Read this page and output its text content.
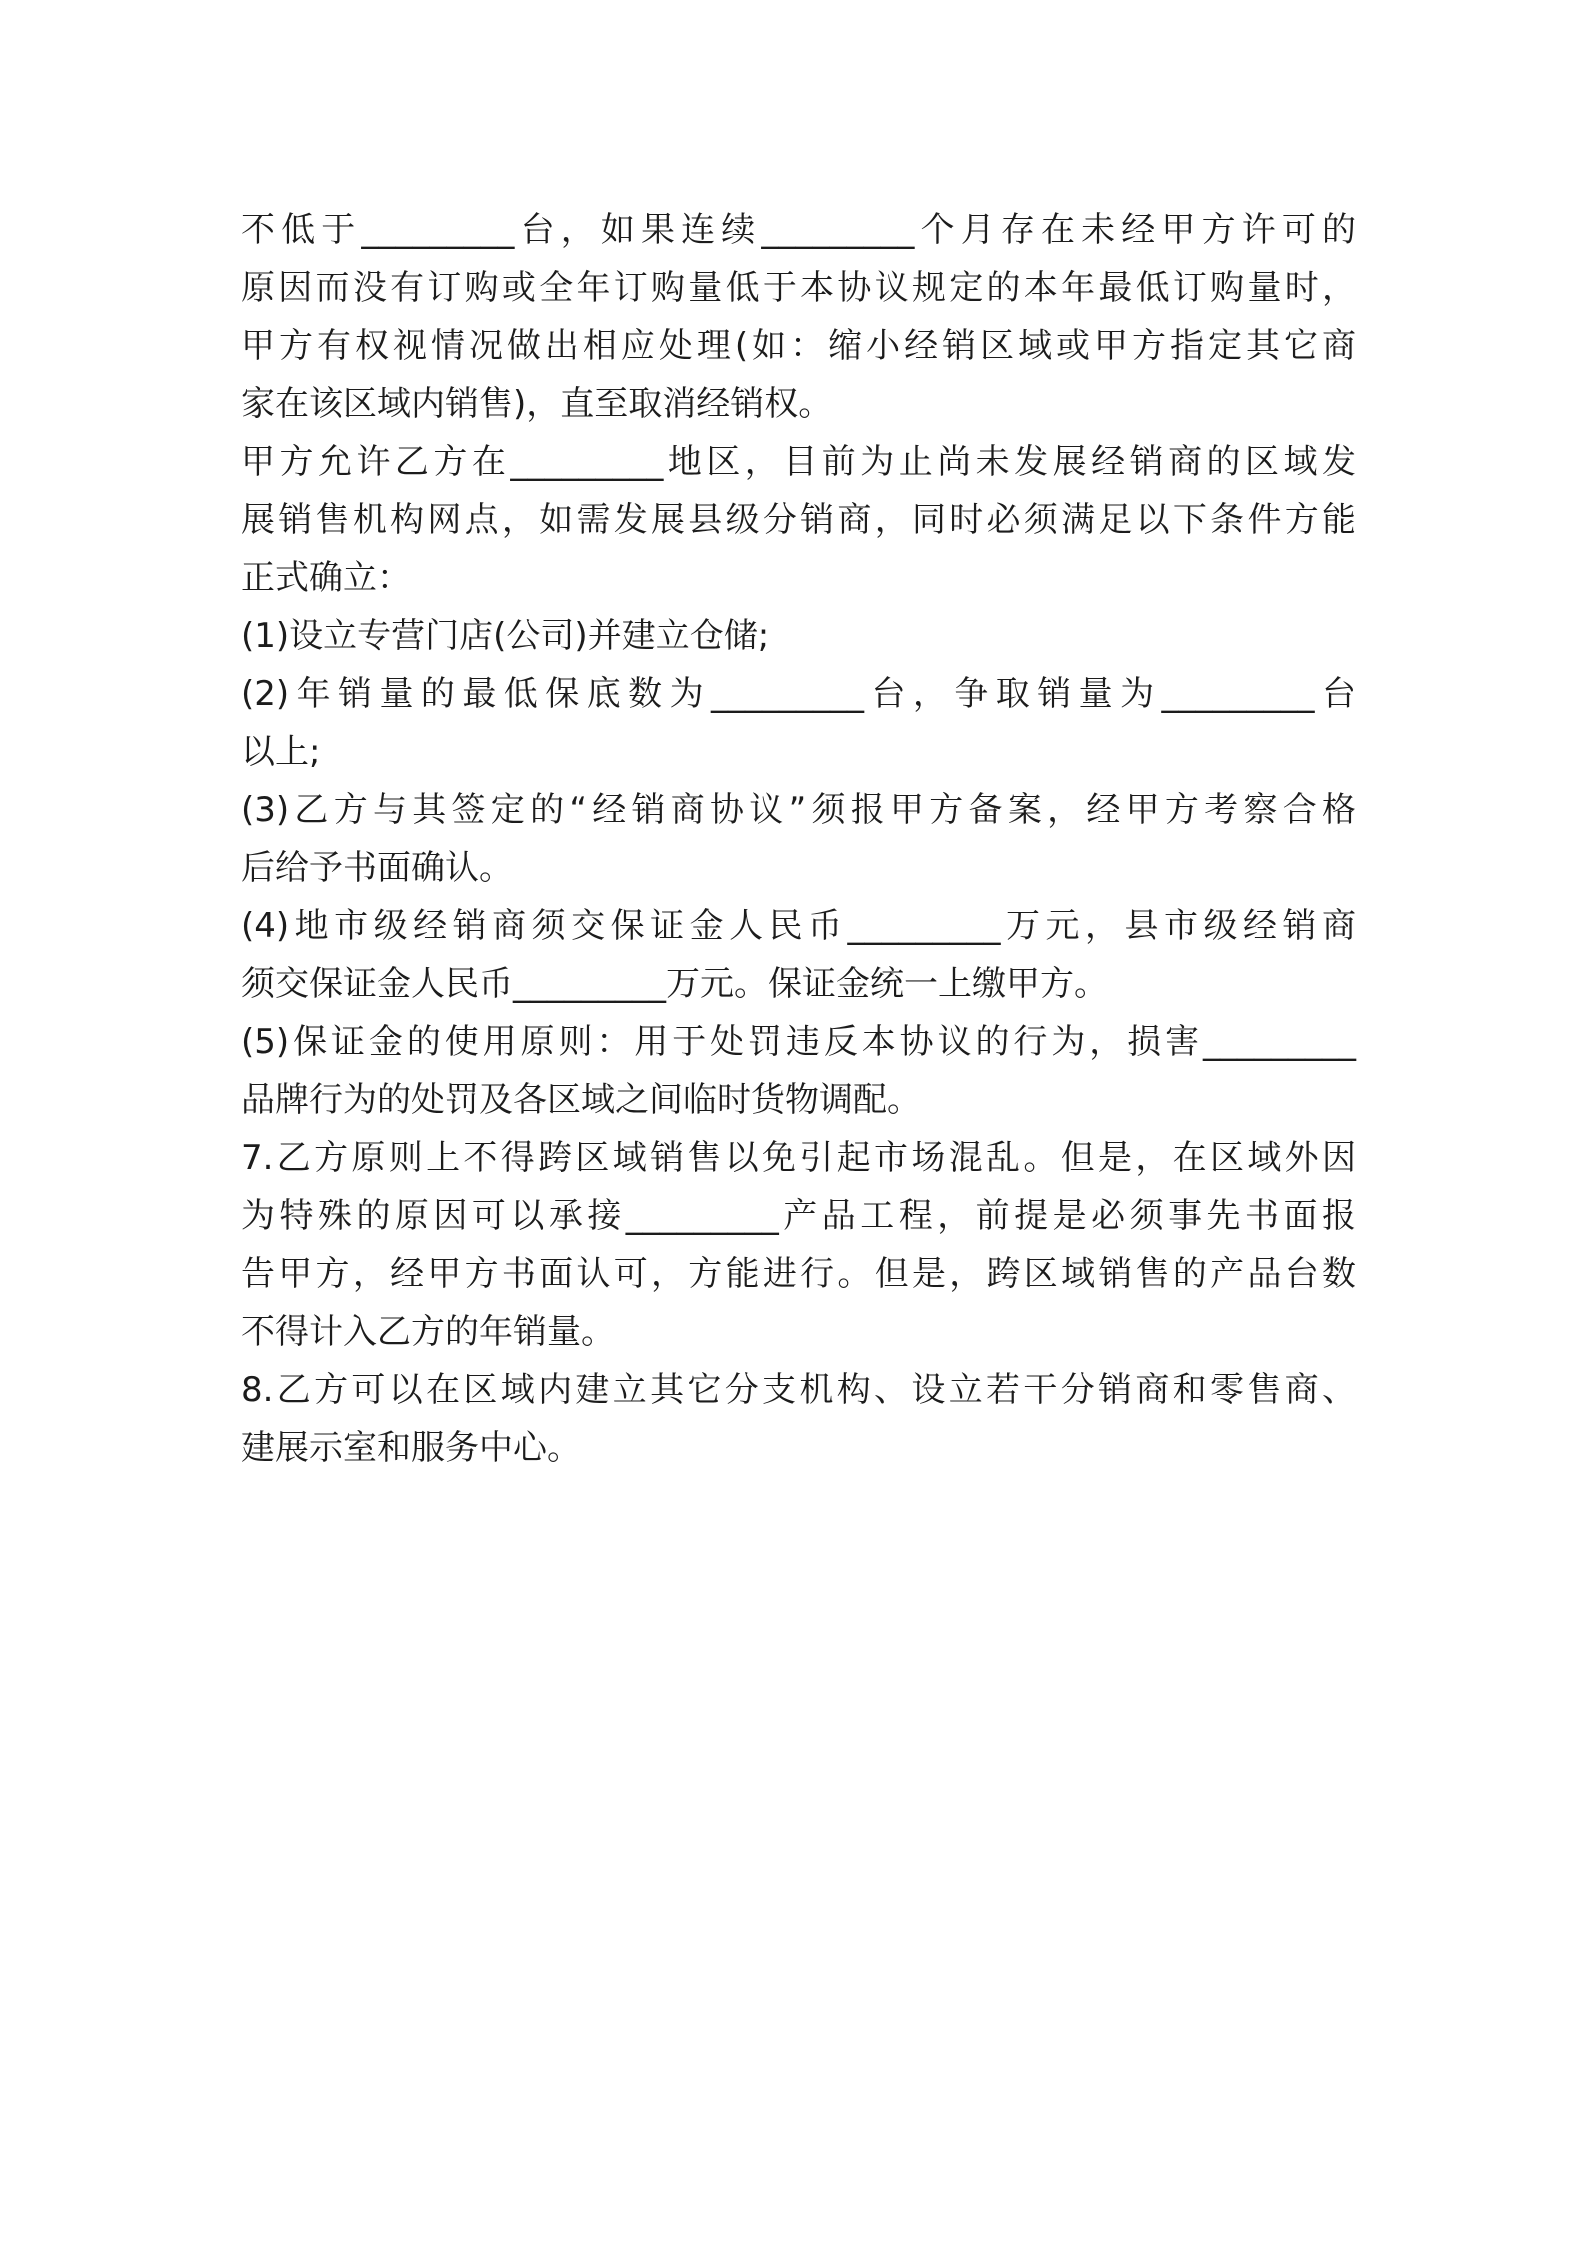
不低于_________台，如果连续_________个月存在未经甲方许可的

原因而没有订购或全年订购量低于本协议规定的本年最低订购量时，

甲方有权视情况做出相应处理(如：缩小经销区域或甲方指定其它商

家在该区域内销售)，直至取消经销权。

甲方允许乙方在_________地区，目前为止尚未发展经销商的区域发

展销售机构网点，如需发展县级分销商，同时必须满足以下条件方能

正式确立：

(1)设立专营门店(公司)并建立仓储;

(2)年销量的最低保底数为_________台，争取销量为_________台

以上;

(3)乙方与其签定的“经销商协议”须报甲方备案，经甲方考察合格

后给予书面确认。

(4)地市级经销商须交保证金人民币_________万元，县市级经销商

须交保证金人民币_________万元。保证金统一上缴甲方。

(5)保证金的使用原则：用于处罚违反本协议的行为，损害_________

品牌行为的处罚及各区域之间临时货物调配。

7.乙方原则上不得跨区域销售以免引起市场混乱。但是，在区域外因

为特殊的原因可以承接_________产品工程，前提是必须事先书面报

告甲方，经甲方书面认可，方能进行。但是，跨区域销售的产品台数

不得计入乙方的年销量。

8.乙方可以在区域内建立其它分支机构、设立若干分销商和零售商、

建展示室和服务中心。
